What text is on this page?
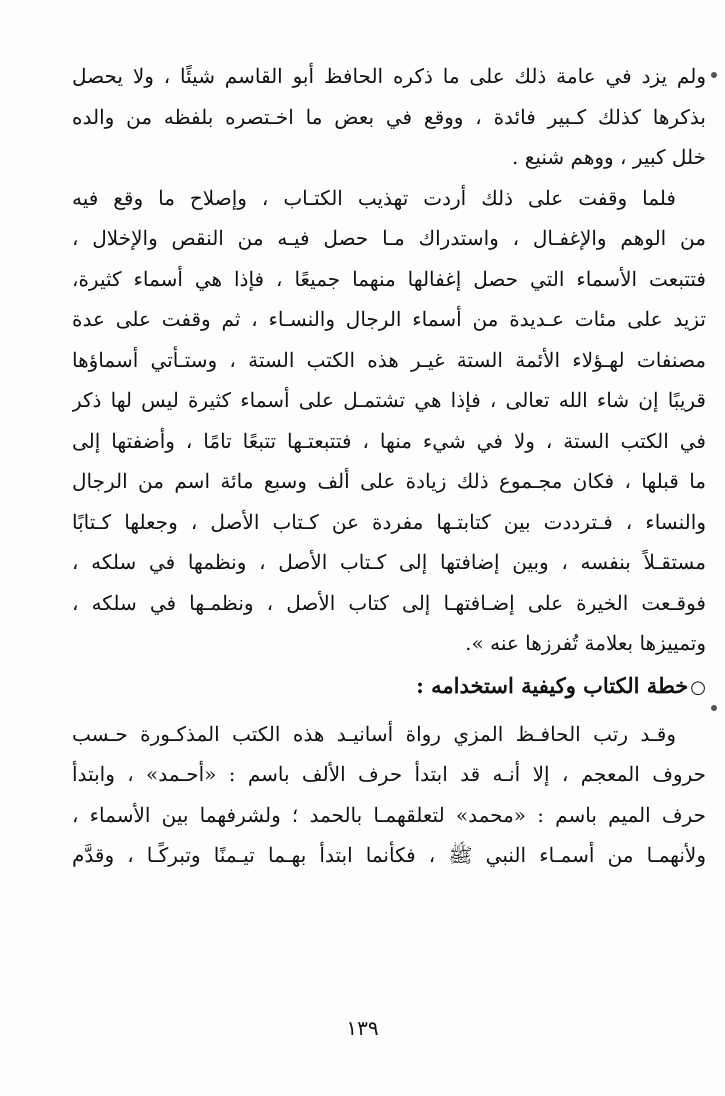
ولم يزد في عامة ذلك على ما ذكره الحافظ أبو القاسم شيئًا ، ولا يحصل
بذكرها كذلك كـبير فائدة ، ووقع في بعض ما اخـتصره بلفظه من والده
خلل كبير ، ووهم شنيع .
فلما وقفت على ذلك أردت تهذيب الكتـاب ، وإصلاح ما وقع فيه
من الوهم والإغفـال ، واستدراك مـا حصل فيـه من النقص والإخلال ،
فتتبعت الأسماء التي حصل إغفالها منهما جميعًا ، فإذا هي أسماء كثيرة،
تزيد على مئات عـديدة من أسماء الرجال والنسـاء ، ثم وقفت على عدة
مصنفات لهـؤلاء الأئمة الستة غيـر هذه الكتب الستة ، وستـأتي أسماؤها
قريبًا إن شاء الله تعالى ، فإذا هي تشتمـل على أسماء كثيرة ليس لها ذكر
في الكتب الستة ، ولا في شيء منها ، فتتبعتـها تتبعًا تامًا ، وأضفتها إلى
ما قبلها ، فكان مجـموع ذلك زيادة على ألف وسبع مائة اسم من الرجال
والنساء ، فـترددت بين كتابتـها مفردة عن كـتاب الأصل ، وجعلها كـتابًا
مستقـلاً بنفسه ، وبين إضافتها إلى كـتاب الأصل ، ونظمها في سلكه ،
فوقـعت الخيرة على إضـافتهـا إلى كتاب الأصل ، ونظمـها في سلكه ،
وتمييزها بعلامة تُفرزها عنه ».
○خطة الكتاب وكيفية استخدامه :
وقـد رتب الحافـظ المزي رواة أسانيـد هذه الكتب المذكـورة حـسب
حروف المعجم ، إلا أنـه قد ابتدأ حرف الألف باسم : «أحـمد» ، وابتدأ
حرف الميم باسم : «محمد» لتعلقهمـا بالحمد ؛ ولشرفهما بين الأسماء ،
ولأنهمـا من أسمـاء النبي ﷺ ، فكأنما ابتدأ بهـما تيـمنًا وتبركًـا ، وقدَّم
١٣٩
